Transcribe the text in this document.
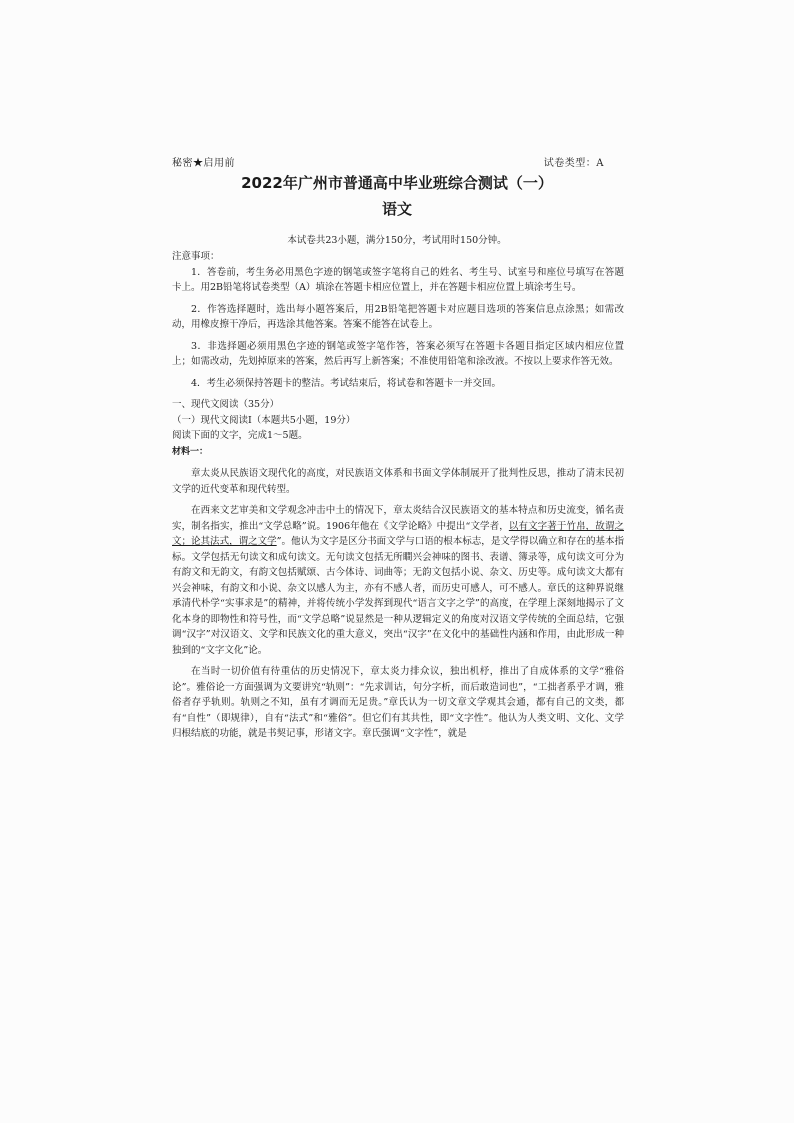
秘密★启用前	试卷类型：A
2022年广州市普通高中毕业班综合测试（一）
语文
本试卷共23小题，满分150分，考试用时150分钟。

注意事项：

1．答卷前，考生务必用黑色字迹的钢笔或签字笔将自己的姓名、考生号、试室号和座位号填写在答题卡上。用2B铅笔将试卷类型（A）填涂在答题卡相应位置上，并在答题卡相应位置上填涂考生号。

2．作答选择题时，选出每小题答案后，用2B铅笔把答题卡对应题目选项的答案信息点涂黑；如需改动，用橡皮擦干净后，再选涂其他答案。答案不能答在试卷上。

3．非选择题必须用黑色字迹的钢笔或签字笔作答，答案必须写在答题卡各题目指定区域内相应位置上；如需改动，先划掉原来的答案，然后再写上新答案；不准使用铅笔和涂改液。不按以上要求作答无效。

4．考生必须保持答题卡的整洁。考试结束后，将试卷和答题卡一并交回。

一、现代文阅读（35分）

（一）现代文阅读Ⅰ（本题共5小题，19分）

阅读下面的文字，完成1～5题。

材料一：

章太炎从民族语文现代化的高度，对民族语文体系和书面文学体制展开了批判性反思，推动了清末民初文学的近代变革和现代转型。

在西来文艺审美和文学观念冲击中土的情况下，章太炎结合汉民族语文的基本特点和历史流变，循名责实，制名指实，推出“文学总略”说。1906年他在《文学论略》中提出“文学者，以有文字著于竹帛，故谓之文；论其法式，谓之文学”。他认为文字是区分书面文学与口语的根本标志，是文学得以确立和存在的基本指标。文学包括无句读文和成句读文。无句读文包括无所瞷兴会神味的图书、表谱、簿录等，成句读文可分为有韵文和无韵文，有韵文包括赋颂、古今体诗、词曲等；无韵文包括小说、杂文、历史等。成句读文大都有兴会神味，有韵文和小说、杂文以感人为主，亦有不感人者，而历史可感人，可不感人。章氏的这种界说继承清代朴学“实事求是”的精神，并将传统小学发挥到现代“语言文字之学”的高度，在学理上深刻地揭示了文化本身的即物性和符号性，而“文学总略”说显然是一种从逻辑定义的角度对汉语文学传统的全面总结，它强调“汉字”对汉语文、文学和民族文化的重大意义，突出“汉字”在文化中的基础性内涵和作用，由此形成一种独到的“文字文化”论。

在当时一切价值有待重估的历史情况下，章太炎力排众议，独出机杼，推出了自成体系的文学“雅俗论”。雅俗论一方面强调为文要讲究“轨则”：“先求训诂，句分字析，而后敢造词也”，“工拙者系乎才调，雅俗者存乎轨则。轨则之不知，虽有才调而无足贵。”章氏认为一切文章文学观其会通，都有自己的文类，都有“自性”（即规律），自有“法式”和“雅俗”。但它们有其共性，即“文字性”。他认为人类文明、文化、文学归根结底的功能，就是书契记事，形诸文字。章氏强调“文字性”，就是
